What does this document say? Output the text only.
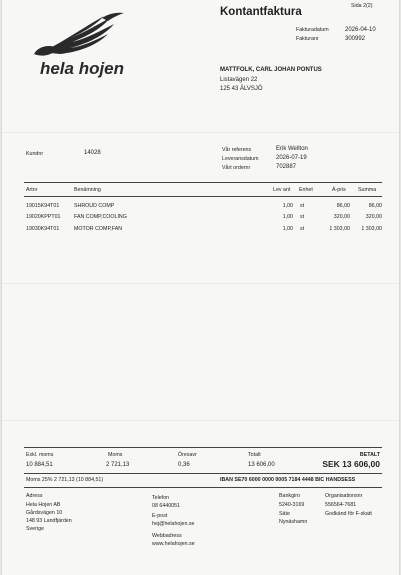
hela hojen
Sida 2(2)
Kontantfaktura
Fakturadatum	2026-04-10
Fakturanr	300992
MATTFOLK, CARL JOHAN PONTUS
Listavägen 22
125 43 ÄLVSJÖ
Kundnr	14028	Vår referens	Erik Wellton
Leveransdatum	2026-07-19
Vårt ordernr	702887
Artnr	Benämning	Lev ant Enhet	Á-pris Summa
19015K94T01	SHROUD COMP	1,00 st	86,00	86,00
19020KPPT01	FAN COMP,COOLING	1,00 st	320,00	320,00
19030K94T01	MOTOR COMP,FAN	1,00 st	1 303,00	1 303,00
Exkl. moms	Moms	Öresavr	Totalt	BETALT
10 884,51	2 721,13	0,36	13 606,00	SEK 13 606,00
Moms 25% 2 721,13 (10 884,51)	IBAN SE70 6000 0000 0005 7184 4448 BIC HANDSESS
Adress
Hela Hojen AB
Gårdsvägen 10
148 93 Landfjärden
Sverige
Telefon
08 6440051
E-post
hej@helahojen.se
Webbadress
www.helahojen.se
Bankgiro
5240-3169
Säte
Nynäshamn
Organisationsnr
556564-7681
Godkänd för F-skatt
